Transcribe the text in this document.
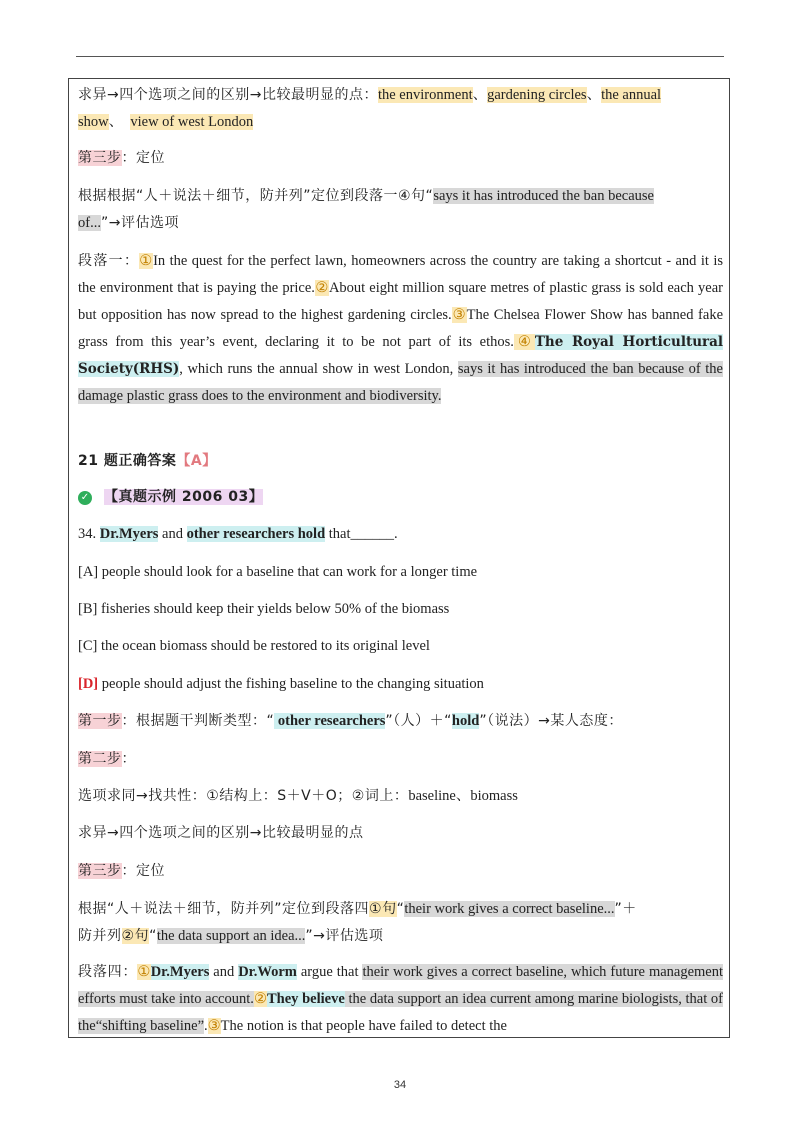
求异→四个选项之间的区别→比较最明显的点：the environment、gardening circles、the annual
show、 view of west London
第三步：定位
根据根据“人＋说法＋细节，防并列”定位到段落一④句“says it has introduced the ban because
of...”→评估选项
段落一：①In the quest for the perfect lawn, homeowners across the country are taking a shortcut - and it is the environment that is paying the price.②About eight million square metres of plastic grass is sold each year but opposition has now spread to the highest gardening circles.③The Chelsea Flower Show has banned fake grass from this year’s event, declaring it to be not part of its ethos.④The Royal Horticultural Society(RHS), which runs the annual show in west London, says it has introduced the ban because of the damage plastic grass does to the environment and biodiversity.
21 题正确答案【A】
✓ 【真题示例 2006 03】
34. Dr.Myers and other researchers hold that______.
[A] people should look for a baseline that can work for a longer time
[B] fisheries should keep their yields below 50% of the biomass
[C] the ocean biomass should be restored to its original level
[D] people should adjust the fishing baseline to the changing situation
第一步：根据题干判断类型：“ other researchers”（人）＋“hold”（说法）→某人态度：
第二步：
选项求同→找共性：①结构上：S＋V＋O；②词上：baseline、biomass
求异→四个选项之间的区别→比较最明显的点
第三步：定位
根据“人＋说法＋细节，防并列”定位到段落四①句“their work gives a correct baseline...”＋
防并列②句“the data support an idea...”→评估选项
段落四：①Dr.Myers and Dr.Worm argue that their work gives a correct baseline, which future management efforts must take into account.②They believe the data support an idea current among marine biologists, that of the“shifting baseline”.③The notion is that people have failed to detect the
34
